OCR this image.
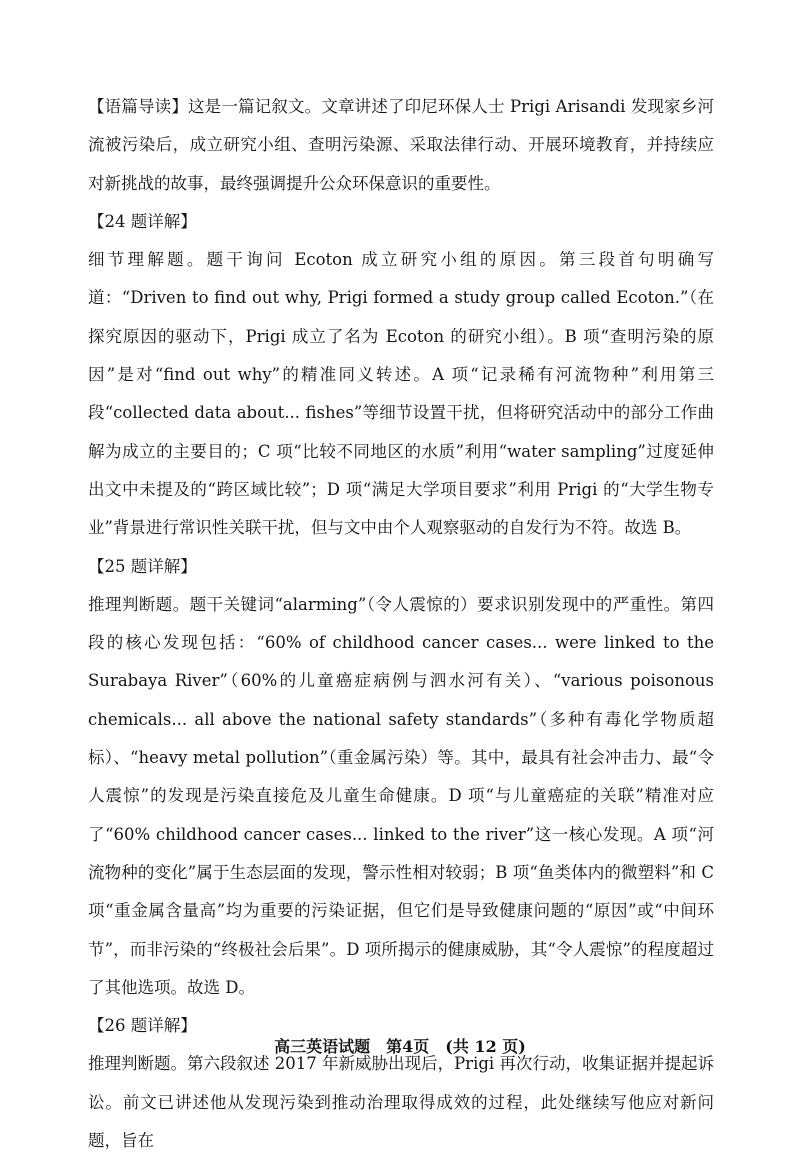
【语篇导读】这是一篇记叙文。文章讲述了印尼环保人士 Prigi Arisandi 发现家乡河流被污染后，成立研究小组、查明污染源、采取法律行动、开展环境教育，并持续应对新挑战的故事，最终强调提升公众环保意识的重要性。

【24 题详解】

细节理解题。题干询问 Ecoton 成立研究小组的原因。第三段首句明确写道：“Driven to find out why, Prigi formed a study group called Ecoton.”（在探究原因的驱动下，Prigi 成立了名为 Ecoton 的研究小组）。B 项“查明污染的原因”是对“find out why”的精准同义转述。A 项“记录稀有河流物种”利用第三段“collected data about... fishes”等细节设置干扰，但将研究活动中的部分工作曲解为成立的主要目的；C 项“比较不同地区的水质”利用“water sampling”过度延伸出文中未提及的“跨区域比较”；D 项“满足大学项目要求”利用 Prigi 的“大学生物专业”背景进行常识性关联干扰，但与文中由个人观察驱动的自发行为不符。故选 B。

【25 题详解】

推理判断题。题干关键词“alarming”（令人震惊的）要求识别发现中的严重性。第四段的核心发现包括：“60% of childhood cancer cases... were linked to the Surabaya River”（60%的儿童癌症病例与泗水河有关）、“various poisonous chemicals... all above the national safety standards”（多种有毒化学物质超标）、“heavy metal pollution”（重金属污染）等。其中，最具有社会冲击力、最“令人震惊”的发现是污染直接危及儿童生命健康。D 项“与儿童癌症的关联”精准对应了“60% childhood cancer cases... linked to the river”这一核心发现。A 项“河流物种的变化”属于生态层面的发现，警示性相对较弱；B 项“鱼类体内的微塑料”和 C 项“重金属含量高”均为重要的污染证据，但它们是导致健康问题的“原因”或“中间环节”，而非污染的“终极社会后果”。D 项所揭示的健康威胁，其“令人震惊”的程度超过了其他选项。故选 D。

【26 题详解】

推理判断题。第六段叙述 2017 年新威胁出现后，Prigi 再次行动，收集证据并提起诉讼。前文已讲述他从发现污染到推动治理取得成效的过程，此处继续写他应对新问题，旨在

高三英语试题　第4页　(共 12 页)
